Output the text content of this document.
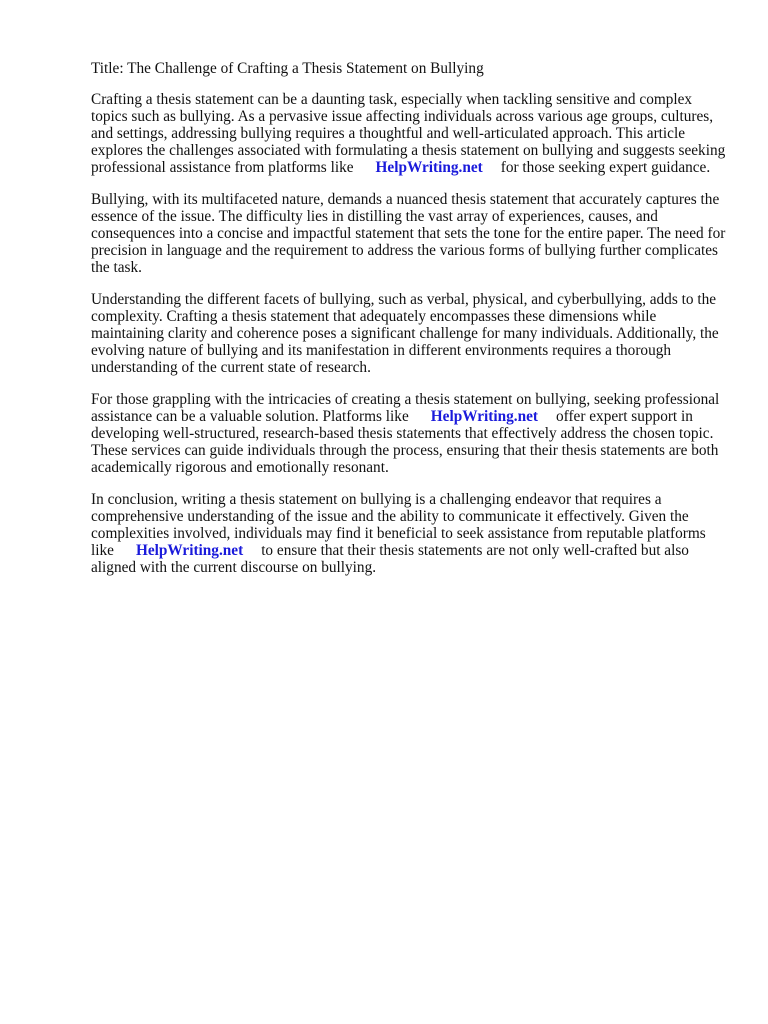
Title: The Challenge of Crafting a Thesis Statement on Bullying

Crafting a thesis statement can be a daunting task, especially when tackling sensitive and complex topics such as bullying. As a pervasive issue affecting individuals across various age groups, cultures, and settings, addressing bullying requires a thoughtful and well-articulated approach. This article explores the challenges associated with formulating a thesis statement on bullying and suggests seeking professional assistance from platforms like HelpWriting.net for those seeking expert guidance.

Bullying, with its multifaceted nature, demands a nuanced thesis statement that accurately captures the essence of the issue. The difficulty lies in distilling the vast array of experiences, causes, and consequences into a concise and impactful statement that sets the tone for the entire paper. The need for precision in language and the requirement to address the various forms of bullying further complicates the task.

Understanding the different facets of bullying, such as verbal, physical, and cyberbullying, adds to the complexity. Crafting a thesis statement that adequately encompasses these dimensions while maintaining clarity and coherence poses a significant challenge for many individuals. Additionally, the evolving nature of bullying and its manifestation in different environments requires a thorough understanding of the current state of research.

For those grappling with the intricacies of creating a thesis statement on bullying, seeking professional assistance can be a valuable solution. Platforms like HelpWriting.net offer expert support in developing well-structured, research-based thesis statements that effectively address the chosen topic. These services can guide individuals through the process, ensuring that their thesis statements are both academically rigorous and emotionally resonant.

In conclusion, writing a thesis statement on bullying is a challenging endeavor that requires a comprehensive understanding of the issue and the ability to communicate it effectively. Given the complexities involved, individuals may find it beneficial to seek assistance from reputable platforms like HelpWriting.net to ensure that their thesis statements are not only well-crafted but also aligned with the current discourse on bullying.
